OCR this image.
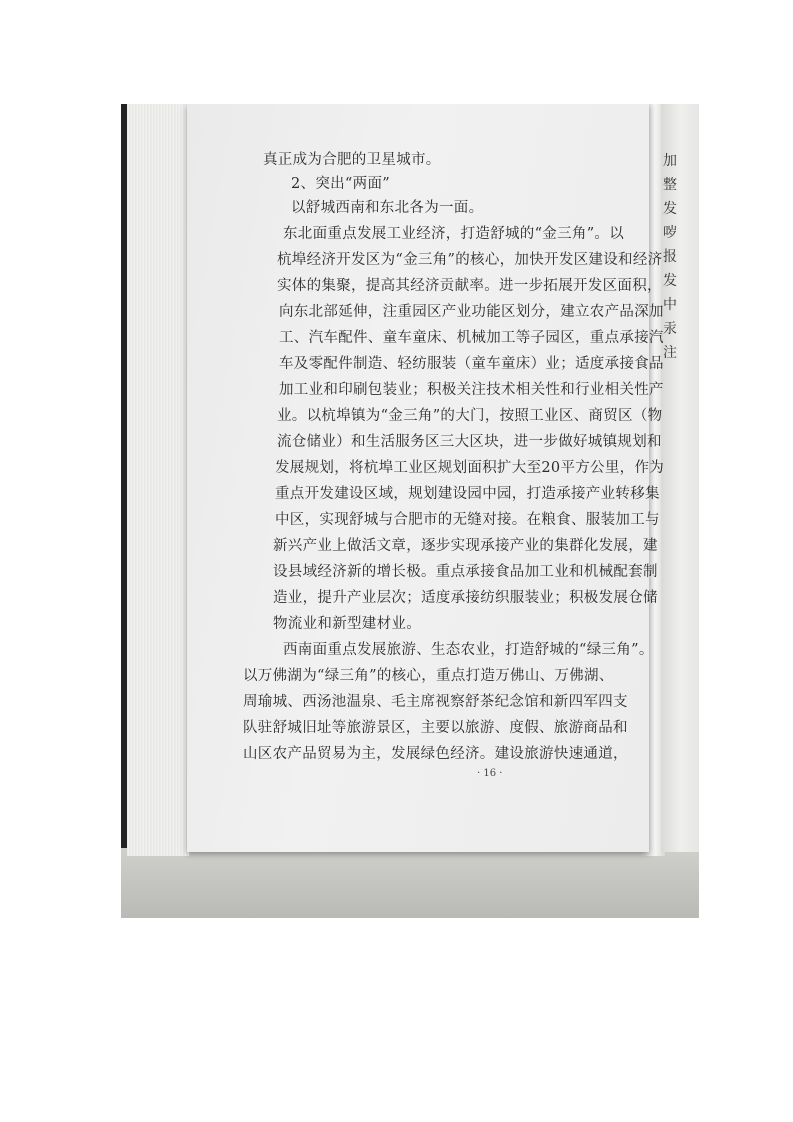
加
整
发
哕
报
发
中
汞
注
真正成为合肥的卫星城市。
2、突出“两面”
以舒城西南和东北各为一面。
东北面重点发展工业经济，打造舒城的“金三角”。以
杭埠经济开发区为“金三角”的核心，加快开发区建设和经济
实体的集聚，提高其经济贡献率。进一步拓展开发区面积，
向东北部延伸，注重园区产业功能区划分，建立农产品深加
工、汽车配件、童车童床、机械加工等子园区，重点承接汽
车及零配件制造、轻纺服装（童车童床）业；适度承接食品
加工业和印刷包装业；积极关注技术相关性和行业相关性产
业。以杭埠镇为“金三角”的大门，按照工业区、商贸区（物
流仓储业）和生活服务区三大区块，进一步做好城镇规划和
发展规划，将杭埠工业区规划面积扩大至20平方公里，作为
重点开发建设区域，规划建设园中园，打造承接产业转移集
中区，实现舒城与合肥市的无缝对接。在粮食、服装加工与
新兴产业上做活文章，逐步实现承接产业的集群化发展，建
设县域经济新的增长极。重点承接食品加工业和机械配套制
造业，提升产业层次；适度承接纺织服装业；积极发展仓储
物流业和新型建材业。
西南面重点发展旅游、生态农业，打造舒城的“绿三角”。
以万佛湖为“绿三角”的核心，重点打造万佛山、万佛湖、
周瑜城、西汤池温泉、毛主席视察舒茶纪念馆和新四军四支
队驻舒城旧址等旅游景区，主要以旅游、度假、旅游商品和
山区农产品贸易为主，发展绿色经济。建设旅游快速通道，
· 16 ·
